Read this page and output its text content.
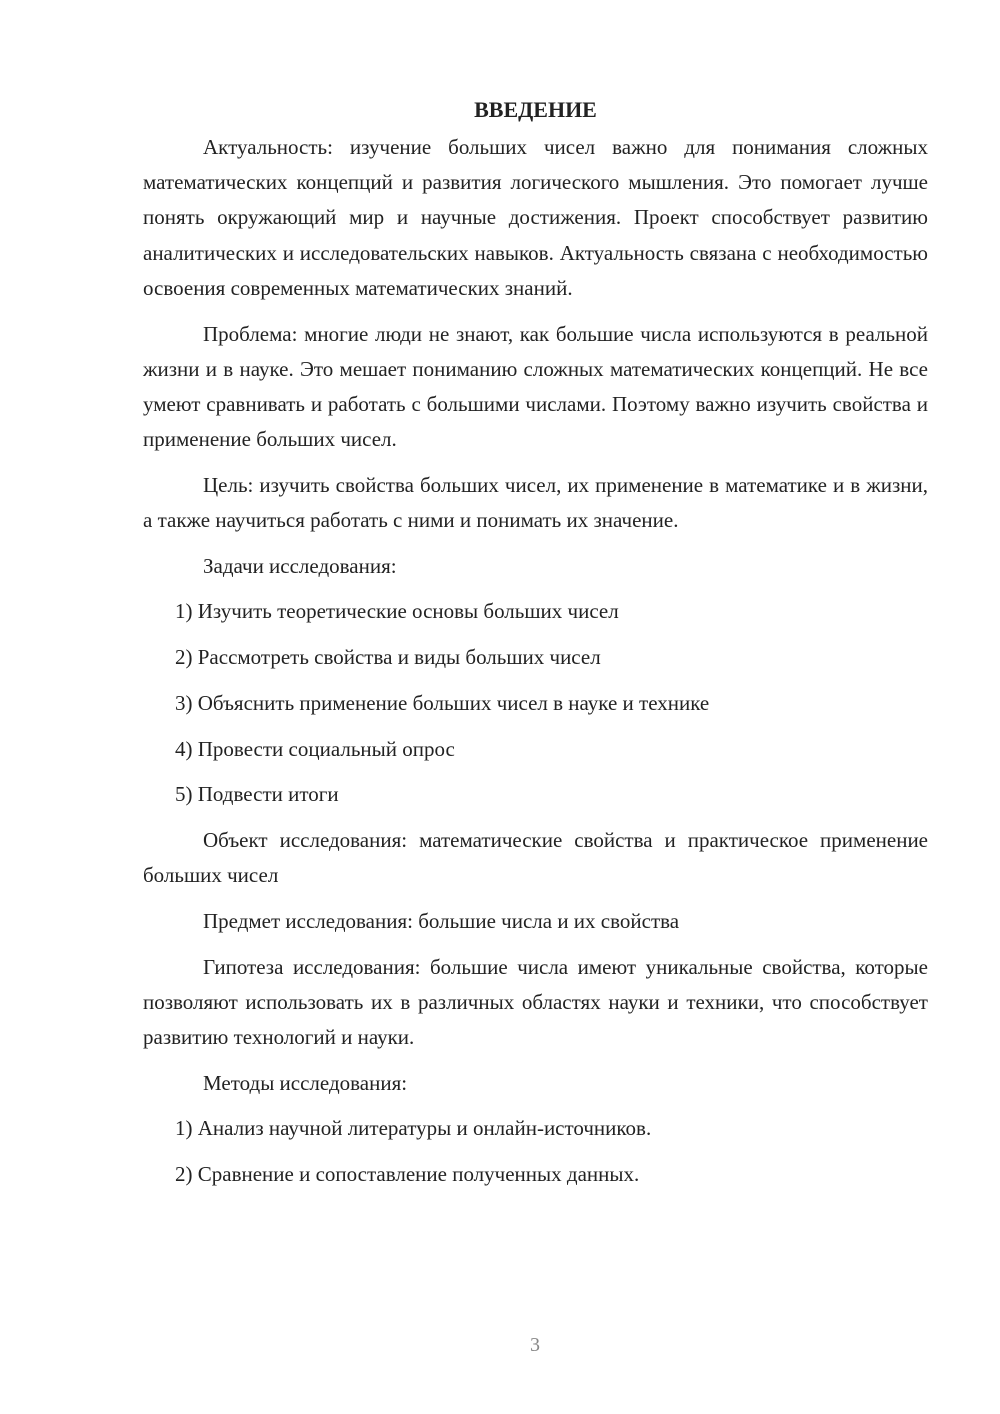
ВВЕДЕНИЕ

Актуальность: изучение больших чисел важно для понимания сложных математических концепций и развития логического мышления. Это помогает лучше понять окружающий мир и научные достижения. Проект способствует развитию аналитических и исследовательских навыков. Актуальность связана с необходимостью освоения современных математических знаний.

Проблема: многие люди не знают, как большие числа используются в реальной жизни и в науке. Это мешает пониманию сложных математических концепций. Не все умеют сравнивать и работать с большими числами. Поэтому важно изучить свойства и применение больших чисел.

Цель: изучить свойства больших чисел, их применение в математике и в жизни, а также научиться работать с ними и понимать их значение.

Задачи исследования:

1) Изучить теоретические основы больших чисел

2) Рассмотреть свойства и виды больших чисел

3) Объяснить применение больших чисел в науке и технике

4) Провести социальный опрос

5) Подвести итоги

Объект исследования: математические свойства и практическое применение больших чисел

Предмет исследования: большие числа и их свойства

Гипотеза исследования: большие числа имеют уникальные свойства, которые позволяют использовать их в различных областях науки и техники, что способствует развитию технологий и науки.

Методы исследования:

1) Анализ научной литературы и онлайн-источников.

2) Сравнение и сопоставление полученных данных.

3
